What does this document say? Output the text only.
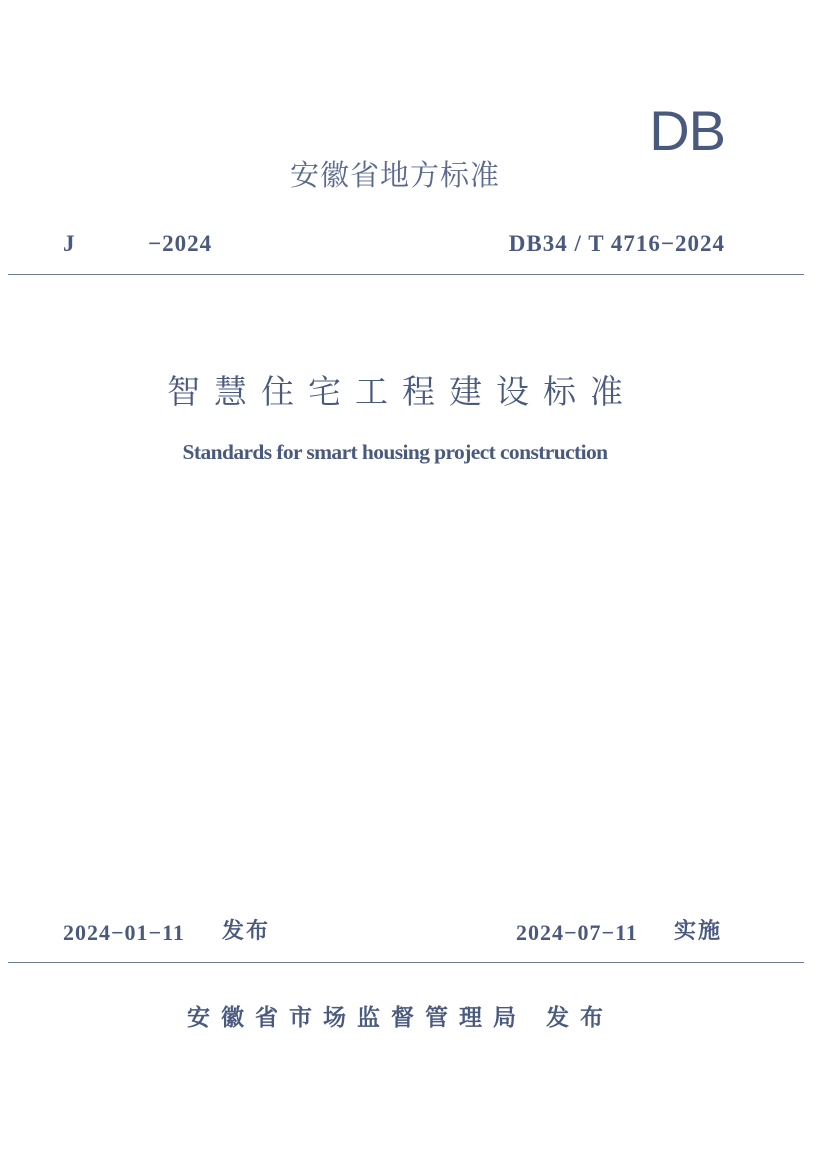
DB
安徽省地方标准
J	−2024	DB34 / T 4716−2024
智慧住宅工程建设标准
Standards for smart housing project construction
2024−01−11 发布	2024−07−11 实施
安徽省市场监督管理局 发布
